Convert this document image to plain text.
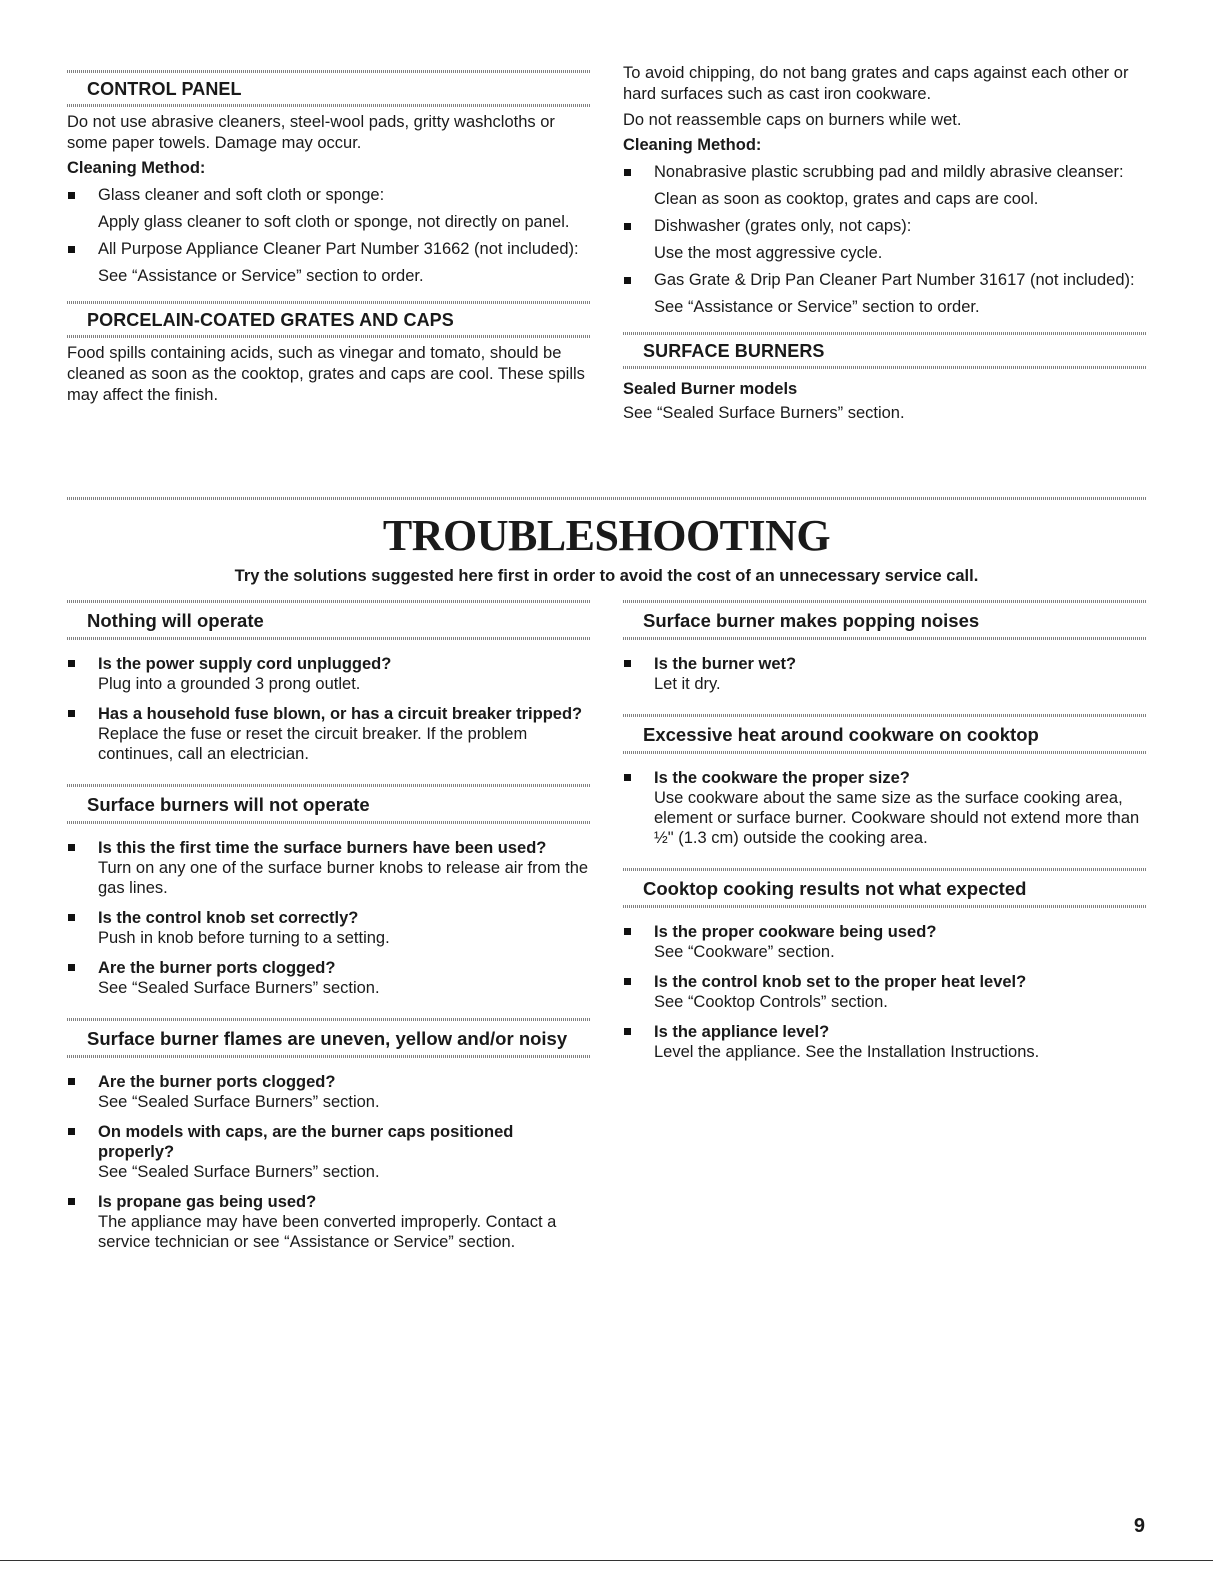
CONTROL PANEL
Do not use abrasive cleaners, steel-wool pads, gritty washcloths or some paper towels. Damage may occur.
Cleaning Method:
Glass cleaner and soft cloth or sponge:
Apply glass cleaner to soft cloth or sponge, not directly on panel.
All Purpose Appliance Cleaner Part Number 31662 (not included):
See “Assistance or Service” section to order.
PORCELAIN-COATED GRATES AND CAPS
Food spills containing acids, such as vinegar and tomato, should be cleaned as soon as the cooktop, grates and caps are cool. These spills may affect the finish.
To avoid chipping, do not bang grates and caps against each other or hard surfaces such as cast iron cookware.
Do not reassemble caps on burners while wet.
Cleaning Method:
Nonabrasive plastic scrubbing pad and mildly abrasive cleanser:
Clean as soon as cooktop, grates and caps are cool.
Dishwasher (grates only, not caps):
Use the most aggressive cycle.
Gas Grate & Drip Pan Cleaner Part Number 31617 (not included):
See “Assistance or Service” section to order.
SURFACE BURNERS
Sealed Burner models
See “Sealed Surface Burners” section.
TROUBLESHOOTING
Try the solutions suggested here first in order to avoid the cost of an unnecessary service call.
Nothing will operate
Is the power supply cord unplugged?
Plug into a grounded 3 prong outlet.
Has a household fuse blown, or has a circuit breaker tripped?
Replace the fuse or reset the circuit breaker. If the problem continues, call an electrician.
Surface burners will not operate
Is this the first time the surface burners have been used?
Turn on any one of the surface burner knobs to release air from the gas lines.
Is the control knob set correctly?
Push in knob before turning to a setting.
Are the burner ports clogged?
See “Sealed Surface Burners” section.
Surface burner flames are uneven, yellow and/or noisy
Are the burner ports clogged?
See “Sealed Surface Burners” section.
On models with caps, are the burner caps positioned properly?
See “Sealed Surface Burners” section.
Is propane gas being used?
The appliance may have been converted improperly. Contact a service technician or see “Assistance or Service” section.
Surface burner makes popping noises
Is the burner wet?
Let it dry.
Excessive heat around cookware on cooktop
Is the cookware the proper size?
Use cookware about the same size as the surface cooking area, element or surface burner. Cookware should not extend more than ½" (1.3 cm) outside the cooking area.
Cooktop cooking results not what expected
Is the proper cookware being used?
See “Cookware” section.
Is the control knob set to the proper heat level?
See “Cooktop Controls” section.
Is the appliance level?
Level the appliance. See the Installation Instructions.
9
